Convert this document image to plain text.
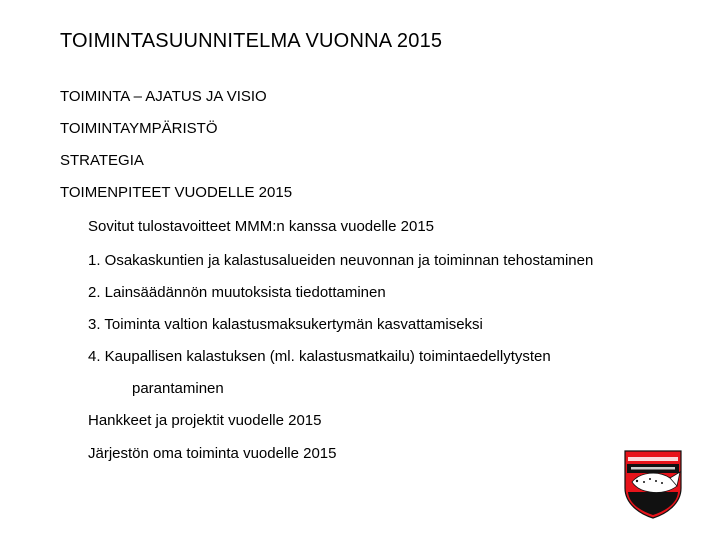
TOIMINTASUUNNITELMA VUONNA 2015
TOIMINTA – AJATUS JA VISIO
TOIMINTAYMPÄRISTÖ
STRATEGIA
TOIMENPITEET VUODELLE 2015
Sovitut tulostavoitteet MMM:n kanssa vuodelle 2015
1. Osakaskuntien ja kalastusalueiden neuvonnan ja toiminnan tehostaminen
2. Lainsäädännön muutoksista tiedottaminen
3. Toiminta valtion kalastusmaksukertymän kasvattamiseksi
4. Kaupallisen kalastuksen (ml. kalastusmatkailu) toimintaedellytysten
parantaminen
Hankkeet ja projektit vuodelle 2015
Järjestön oma toiminta vuodelle 2015
